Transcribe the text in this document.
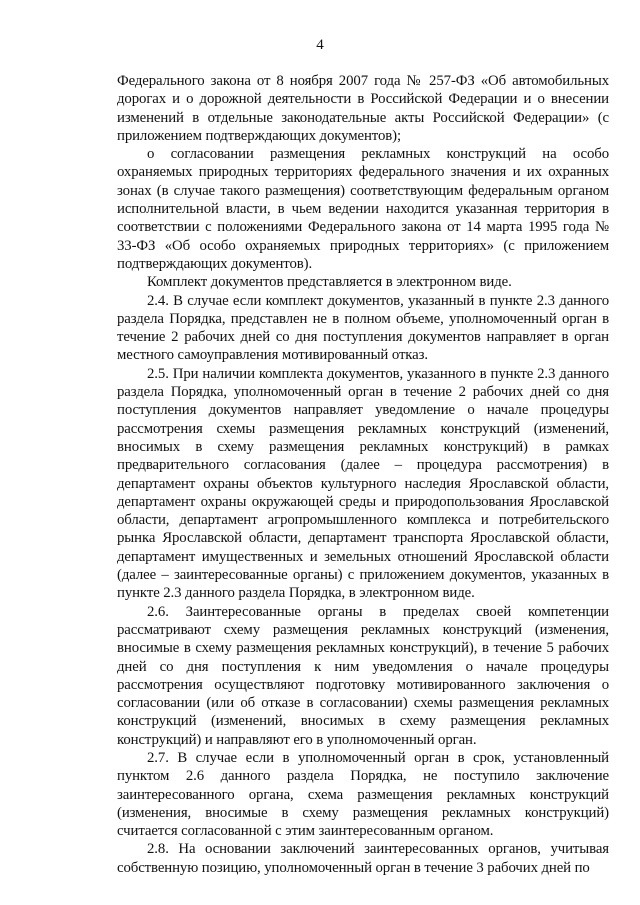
4

Федерального закона от 8 ноября 2007 года № 257-ФЗ «Об автомобильных дорогах и о дорожной деятельности в Российской Федерации и о внесении изменений в отдельные законодательные акты Российской Федерации» (с приложением подтверждающих документов);

о согласовании размещения рекламных конструкций на особо охраняемых природных территориях федерального значения и их охранных зонах (в случае такого размещения) соответствующим федеральным органом исполнительной власти, в чьем ведении находится указанная территория в соответствии с положениями Федерального закона от 14 марта 1995 года № 33-ФЗ «Об особо охраняемых природных территориях» (с приложением подтверждающих документов).

Комплект документов представляется в электронном виде.

2.4. В случае если комплект документов, указанный в пункте 2.3 данного раздела Порядка, представлен не в полном объеме, уполномоченный орган в течение 2 рабочих дней со дня поступления документов направляет в орган местного самоуправления мотивированный отказ.

2.5. При наличии комплекта документов, указанного в пункте 2.3 данного раздела Порядка, уполномоченный орган в течение 2 рабочих дней со дня поступления документов направляет уведомление о начале процедуры рассмотрения схемы размещения рекламных конструкций (изменений, вносимых в схему размещения рекламных конструкций) в рамках предварительного согласования (далее – процедура рассмотрения) в департамент охраны объектов культурного наследия Ярославской области, департамент охраны окружающей среды и природопользования Ярославской области, департамент агропромышленного комплекса и потребительского рынка Ярославской области, департамент транспорта Ярославской области, департамент имущественных и земельных отношений Ярославской области (далее – заинтересованные органы) с приложением документов, указанных в пункте 2.3 данного раздела Порядка, в электронном виде.

2.6. Заинтересованные органы в пределах своей компетенции рассматривают схему размещения рекламных конструкций (изменения, вносимые в схему размещения рекламных конструкций), в течение 5 рабочих дней со дня поступления к ним уведомления о начале процедуры рассмотрения осуществляют подготовку мотивированного заключения о согласовании (или об отказе в согласовании) схемы размещения рекламных конструкций (изменений, вносимых в схему размещения рекламных конструкций) и направляют его в уполномоченный орган.

2.7. В случае если в уполномоченный орган в срок, установленный пунктом 2.6 данного раздела Порядка, не поступило заключение заинтересованного органа, схема размещения рекламных конструкций (изменения, вносимые в схему размещения рекламных конструкций) считается согласованной с этим заинтересованным органом.

2.8. На основании заключений заинтересованных органов, учитывая собственную позицию, уполномоченный орган в течение 3 рабочих дней по
